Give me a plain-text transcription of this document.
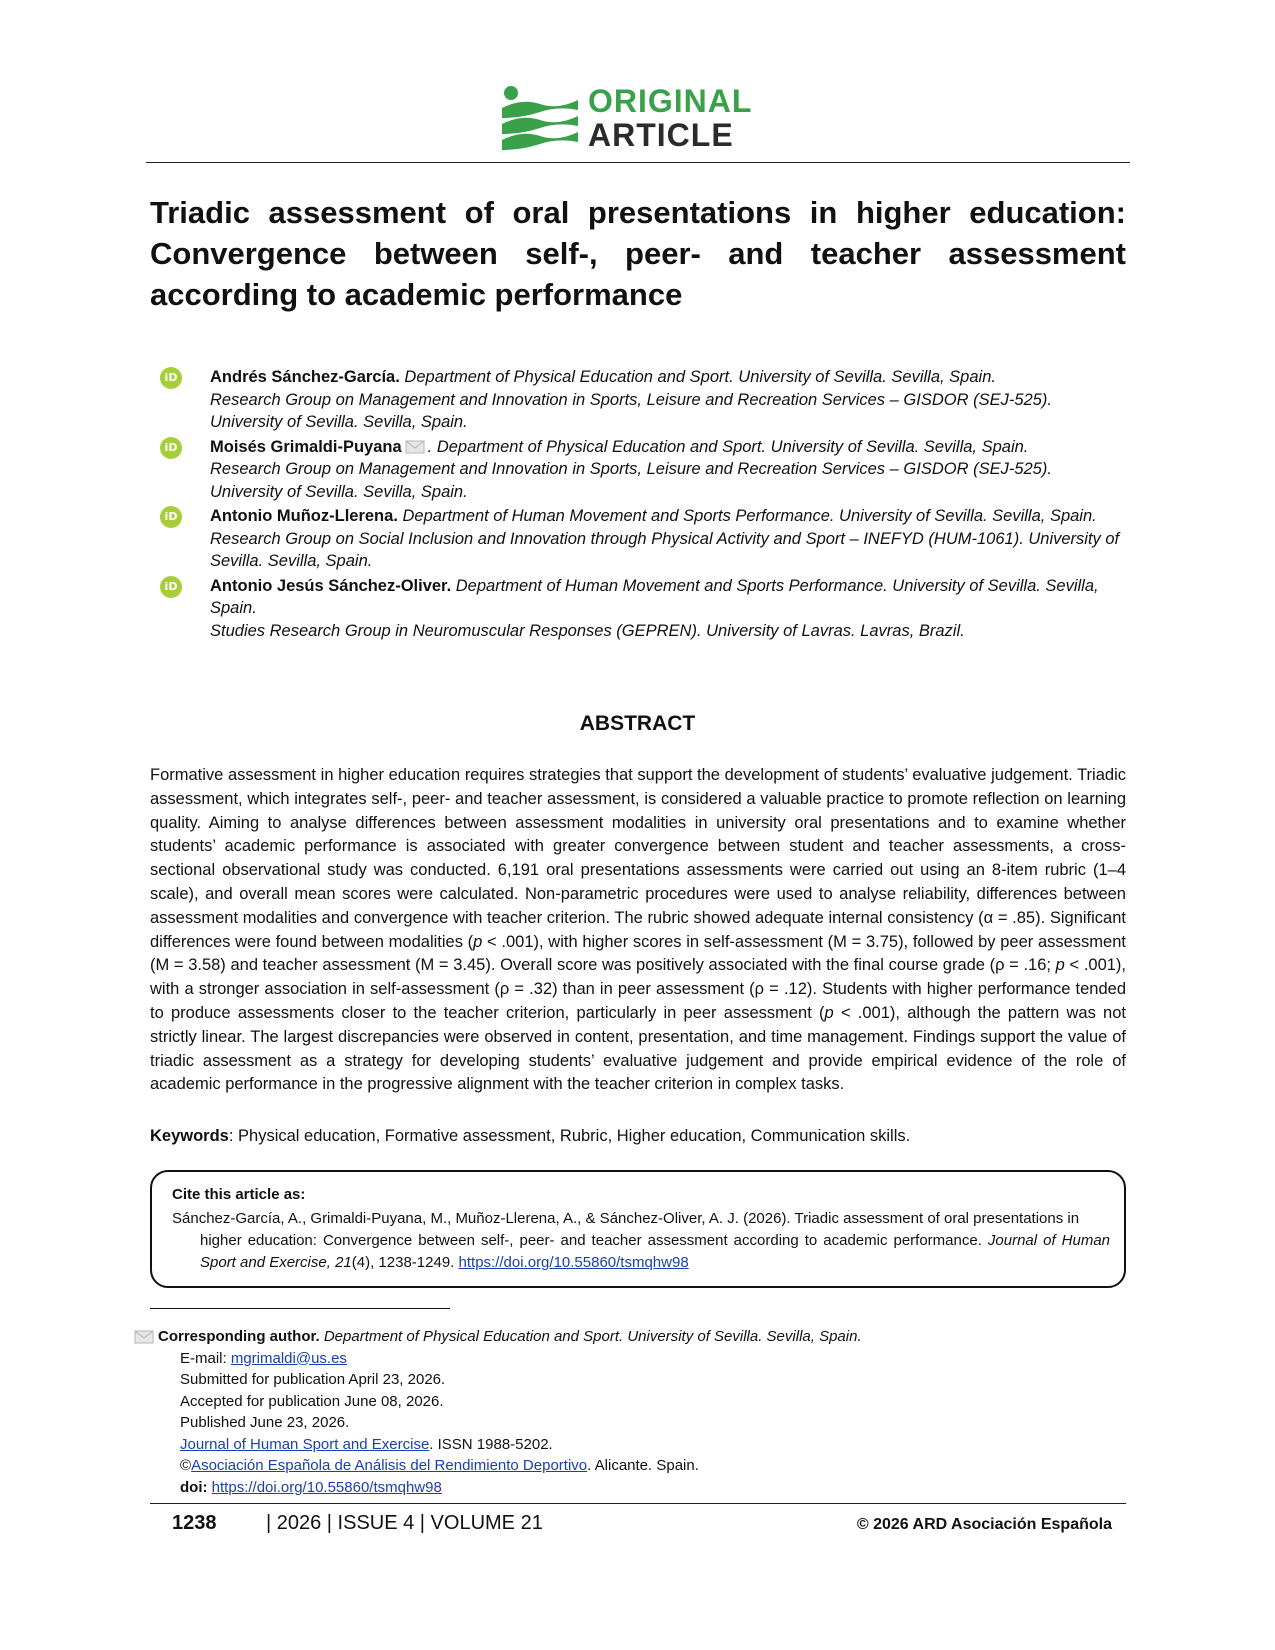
ORIGINAL
ARTICLE
Triadic assessment of oral presentations in higher education: Convergence between self-, peer- and teacher assessment according to academic performance
iD Andrés Sánchez-García. Department of Physical Education and Sport. University of Sevilla. Sevilla, Spain.
Research Group on Management and Innovation in Sports, Leisure and Recreation Services – GISDOR (SEJ-525). University of Sevilla. Sevilla, Spain.
iD Moisés Grimaldi-Puyana . Department of Physical Education and Sport. University of Sevilla. Sevilla, Spain.
Research Group on Management and Innovation in Sports, Leisure and Recreation Services – GISDOR (SEJ-525). University of Sevilla. Sevilla, Spain.
iD Antonio Muñoz-Llerena. Department of Human Movement and Sports Performance. University of Sevilla. Sevilla, Spain.
Research Group on Social Inclusion and Innovation through Physical Activity and Sport – INEFYD (HUM-1061). University of Sevilla. Sevilla, Spain.
iD Antonio Jesús Sánchez-Oliver. Department of Human Movement and Sports Performance. University of Sevilla. Sevilla, Spain.
Studies Research Group in Neuromuscular Responses (GEPREN). University of Lavras. Lavras, Brazil.
ABSTRACT
Formative assessment in higher education requires strategies that support the development of students’ evaluative judgement. Triadic assessment, which integrates self-, peer- and teacher assessment, is considered a valuable practice to promote reflection on learning quality. Aiming to analyse differences between assessment modalities in university oral presentations and to examine whether students’ academic performance is associated with greater convergence between student and teacher assessments, a cross-sectional observational study was conducted. 6,191 oral presentations assessments were carried out using an 8-item rubric (1–4 scale), and overall mean scores were calculated. Non-parametric procedures were used to analyse reliability, differences between assessment modalities and convergence with teacher criterion. The rubric showed adequate internal consistency (α = .85). Significant differences were found between modalities (p < .001), with higher scores in self-assessment (M = 3.75), followed by peer assessment (M = 3.58) and teacher assessment (M = 3.45). Overall score was positively associated with the final course grade (ρ = .16; p < .001), with a stronger association in self-assessment (ρ = .32) than in peer assessment (ρ = .12). Students with higher performance tended to produce assessments closer to the teacher criterion, particularly in peer assessment (p < .001), although the pattern was not strictly linear. The largest discrepancies were observed in content, presentation, and time management. Findings support the value of triadic assessment as a strategy for developing students’ evaluative judgement and provide empirical evidence of the role of academic performance in the progressive alignment with the teacher criterion in complex tasks.
Keywords: Physical education, Formative assessment, Rubric, Higher education, Communication skills.
Cite this article as:
Sánchez-García, A., Grimaldi-Puyana, M., Muñoz-Llerena, A., & Sánchez-Oliver, A. J. (2026). Triadic assessment of oral presentations in
higher education: Convergence between self-, peer- and teacher assessment according to academic performance. Journal of Human Sport and Exercise, 21(4), 1238-1249. https://doi.org/10.55860/tsmqhw98
Corresponding author. Department of Physical Education and Sport. University of Sevilla. Sevilla, Spain.
E-mail: mgrimaldi@us.es
Submitted for publication April 23, 2026.
Accepted for publication June 08, 2026.
Published June 23, 2026.
Journal of Human Sport and Exercise. ISSN 1988-5202.
©Asociación Española de Análisis del Rendimiento Deportivo. Alicante. Spain.
doi: https://doi.org/10.55860/tsmqhw98
1238 | 2026 | ISSUE 4 | VOLUME 21	© 2026 ARD Asociación Española
